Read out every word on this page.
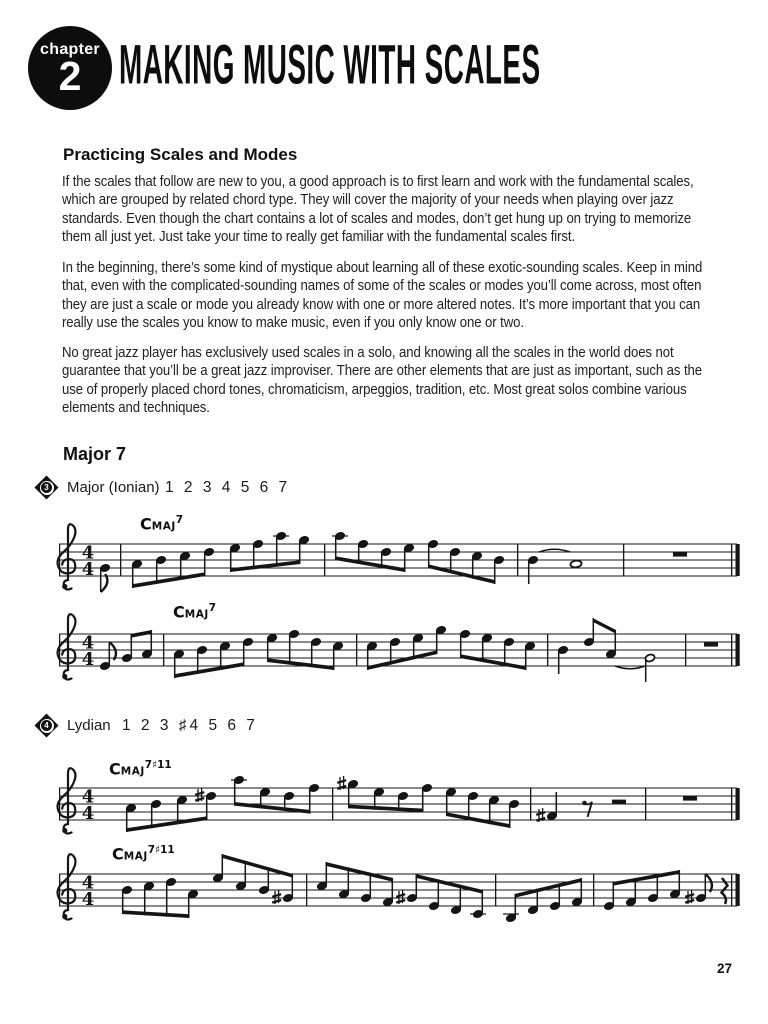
chapter
2	MAKING MUSIC WITH SCALES
Practicing Scales and Modes
If the scales that follow are new to you, a good approach is to first learn and work with the fundamental scales, which are grouped by related chord type. They will cover the majority of your needs when playing over jazz standards. Even though the chart contains a lot of scales and modes, don’t get hung up on trying to memorize them all just yet. Just take your time to really get familiar with the fundamental scales first.
In the beginning, there’s some kind of mystique about learning all of these exotic-sounding scales. Keep in mind that, even with the complicated-sounding names of some of the scales or modes you’ll come across, most often they are just a scale or mode you already know with one or more altered notes. It’s more important that you can really use the scales you know to make music, even if you only know one or two.
No great jazz player has exclusively used scales in a solo, and knowing all the scales in the world does not guarantee that you’ll be a great jazz improviser. There are other elements that are just as important, such as the use of properly placed chord tones, chromaticism, arpeggios, tradition, etc. Most great solos combine various elements and techniques.
Major 7
3 Major (Ionian) 1 2 3 4 5 6 7
4
4
CMAJ$^7$
4
4
CMAJ$^7$
4 Lydian 1 2 3 ♯4 5 6 7
4
4
$CMAJ^{7♯11}$
4
4
$CMAJ^{7♯11}$
27
